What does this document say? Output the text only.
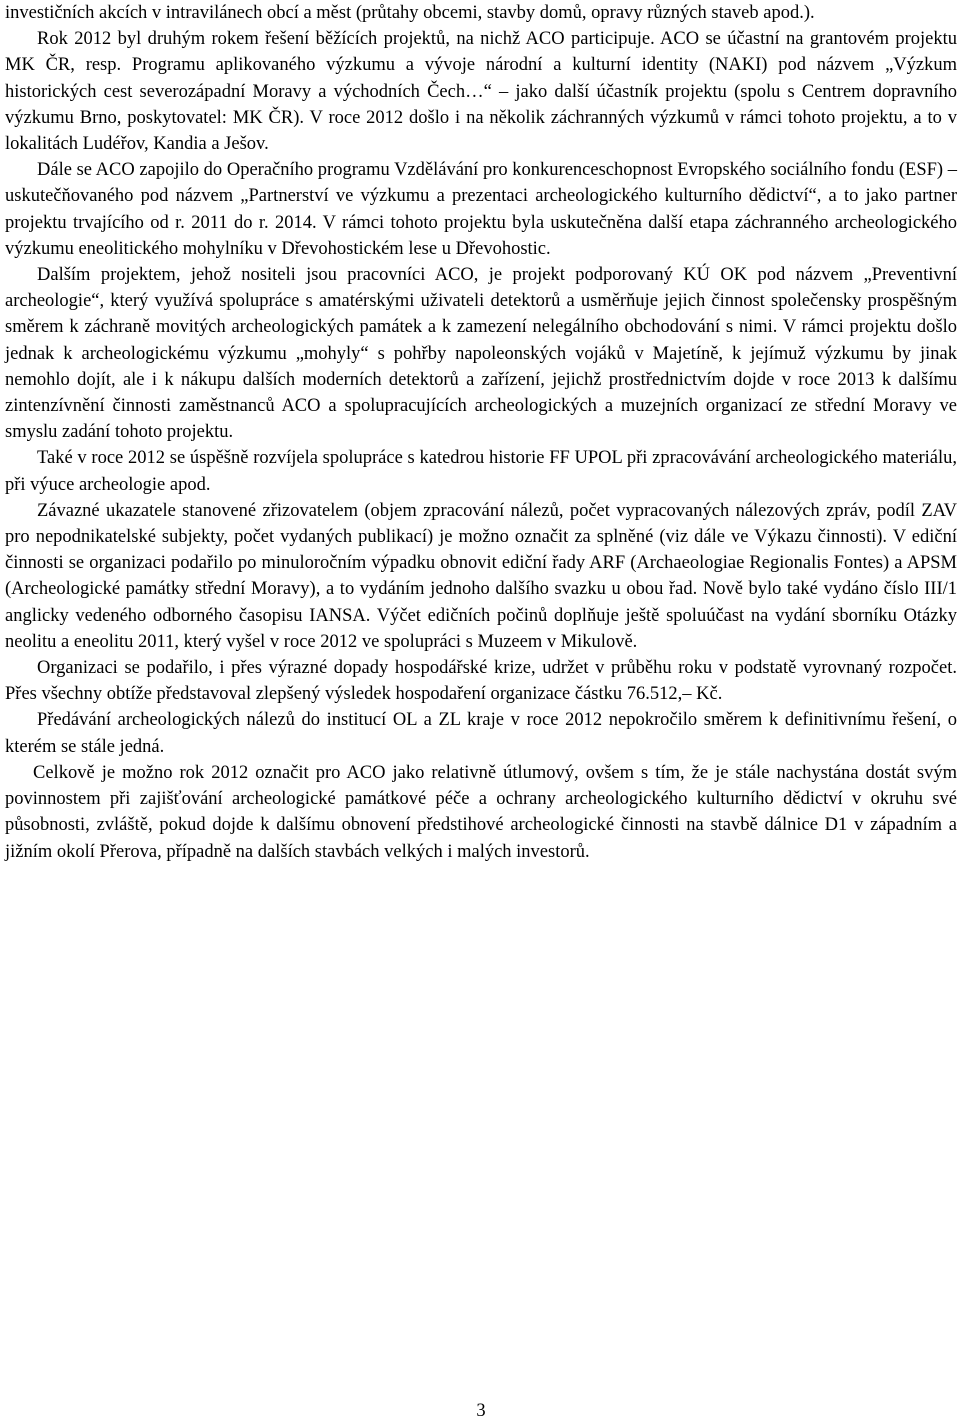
investičních akcích v intravilánech obcí a měst (průtahy obcemi, stavby domů, opravy různých staveb apod.).

Rok 2012 byl druhým rokem řešení běžících projektů, na nichž ACO participuje. ACO se účastní na grantovém projektu MK ČR, resp. Programu aplikovaného výzkumu a vývoje národní a kulturní identity (NAKI) pod názvem „Výzkum historických cest severozápadní Moravy a východních Čech…“ – jako další účastník projektu (spolu s Centrem dopravního výzkumu Brno, poskytovatel: MK ČR). V roce 2012 došlo i na několik záchranných výzkumů v rámci tohoto projektu, a to v lokalitách Ludéřov, Kandia a Ješov.

Dále se ACO zapojilo do Operačního programu Vzdělávání pro konkurenceschopnost Evropského sociálního fondu (ESF) – uskutečňovaného pod názvem „Partnerství ve výzkumu a prezentaci archeologického kulturního dědictví“, a to jako partner projektu trvajícího od r. 2011 do r. 2014. V rámci tohoto projektu byla uskutečněna další etapa záchranného archeologického výzkumu eneolitického mohylníku v Dřevohostickém lese u Dřevohostic.

Dalším projektem, jehož nositeli jsou pracovníci ACO, je projekt podporovaný KÚ OK pod názvem „Preventivní archeologie“, který využívá spolupráce s amatérskými uživateli detektorů a usměrňuje jejich činnost společensky prospěšným směrem k záchraně movitých archeologických památek a k zamezení nelegálního obchodování s nimi. V rámci projektu došlo jednak k archeologickému výzkumu „mohyly“ s pohřby napoleonských vojáků v Majetíně, k jejímuž výzkumu by jinak nemohlo dojít, ale i k nákupu dalších moderních detektorů a zařízení, jejichž prostřednictvím dojde v roce 2013 k dalšímu zintenzívnění činnosti zaměstnanců ACO a spolupracujících archeologických a muzejních organizací ze střední Moravy ve smyslu zadání tohoto projektu.

Také v roce 2012 se úspěšně rozvíjela spolupráce s katedrou historie FF UPOL při zpracovávání archeologického materiálu, při výuce archeologie apod.

Závazné ukazatele stanovené zřizovatelem (objem zpracování nálezů, počet vypracovaných nálezových zpráv, podíl ZAV pro nepodnikatelské subjekty, počet vydaných publikací) je možno označit za splněné (viz dále ve Výkazu činnosti). V ediční činnosti se organizaci podařilo po minuloročním výpadku obnovit ediční řady ARF (Archaeologiae Regionalis Fontes) a APSM (Archeologické památky střední Moravy), a to vydáním jednoho dalšího svazku u obou řad. Nově bylo také vydáno číslo III/1 anglicky vedeného odborného časopisu IANSA. Výčet edičních počinů doplňuje ještě spoluúčast na vydání sborníku Otázky neolitu a eneolitu 2011, který vyšel v roce 2012 ve spolupráci s Muzeem v Mikulově.

Organizaci se podařilo, i přes výrazné dopady hospodářské krize, udržet v průběhu roku v podstatě vyrovnaný rozpočet. Přes všechny obtíže představoval zlepšený výsledek hospodaření organizace částku 76.512,– Kč.

Předávání archeologických nálezů do institucí OL a ZL kraje v roce 2012 nepokročilo směrem k definitivnímu řešení, o kterém se stále jedná.

Celkově je možno rok 2012 označit pro ACO jako relativně útlumový, ovšem s tím, že je stále nachystána dostát svým povinnostem při zajišťování archeologické památkové péče a ochrany archeologického kulturního dědictví v okruhu své působnosti, zvláště, pokud dojde k dalšímu obnovení předstihové archeologické činnosti na stavbě dálnice D1 v západním a jižním okolí Přerova, případně na dalších stavbách velkých i malých investorů.

3
